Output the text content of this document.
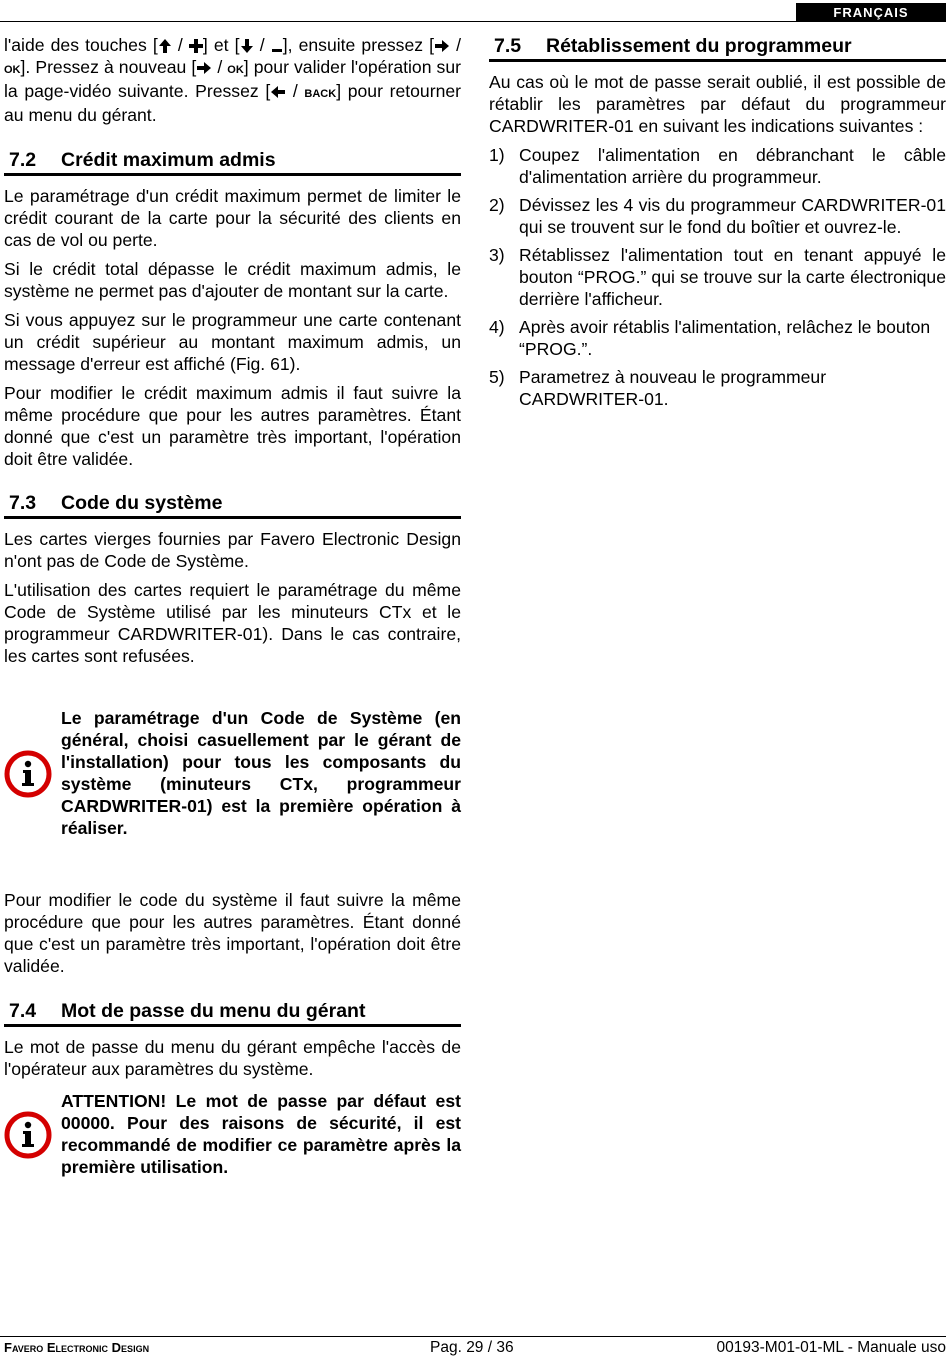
FRANÇAIS

l'aide des touches [ / ] et [ / ], ensuite pressez [ / ok]. Pressez à nouveau [ / ok] pour valider l'opération sur la page-vidéo suivante. Pressez [ / back] pour retourner au menu du gérant.

7.2 Crédit maximum admis

Le paramétrage d'un crédit maximum permet de limiter le crédit courant de la carte pour la sécurité des clients en cas de vol ou perte.

Si le crédit total dépasse le crédit maximum admis, le système ne permet pas d'ajouter de montant sur la carte.

Si vous appuyez sur le programmeur une carte contenant un crédit supérieur au montant maximum admis, un message d'erreur est affiché (Fig. 61).

Pour modifier le crédit maximum admis il faut suivre la même procédure que pour les autres paramètres. Étant donné que c'est un paramètre très important, l'opération doit être validée.

7.3 Code du système

Les cartes vierges fournies par Favero Electronic Design n'ont pas de Code de Système.

L'utilisation des cartes requiert le paramétrage du même Code de Système utilisé par les minuteurs CTx et le programmeur CARDWRITER-01). Dans le cas contraire, les cartes sont refusées.

Le paramétrage d'un Code de Système (en général, choisi casuellement par le gérant de l'installation) pour tous les composants du système (minuteurs CTx, programmeur CARDWRITER-01) est la première opération à réaliser.

Pour modifier le code du système il faut suivre la même procédure que pour les autres paramètres. Étant donné que c'est un paramètre très important, l'opération doit être validée.

7.4 Mot de passe du menu du gérant

Le mot de passe du menu du gérant empêche l'accès de l'opérateur aux paramètres du système.

ATTENTION! Le mot de passe par défaut est 00000. Pour des raisons de sécurité, il est recommandé de modifier ce paramètre après la première utilisation.
7.5 Rétablissement du programmeur

Au cas où le mot de passe serait oublié, il est possible de rétablir les paramètres par défaut du programmeur CARDWRITER-01 en suivant les indications suivantes :

1) Coupez l'alimentation en débranchant le câble d'alimentation arrière du programmeur.
2) Dévissez les 4 vis du programmeur CARDWRITER-01 qui se trouvent sur le fond du boîtier et ouvrez-le.
3) Rétablissez l'alimentation tout en tenant appuyé le bouton “PROG.” qui se trouve sur la carte électronique derrière l'afficheur.
4) Après avoir rétablis l'alimentation, relâchez le bouton “PROG.”.
5) Parametrez à nouveau le programmeur CARDWRITER-01.
Favero Electronic Design	Pag. 29 / 36	00193-M01-01-ML - Manuale uso
